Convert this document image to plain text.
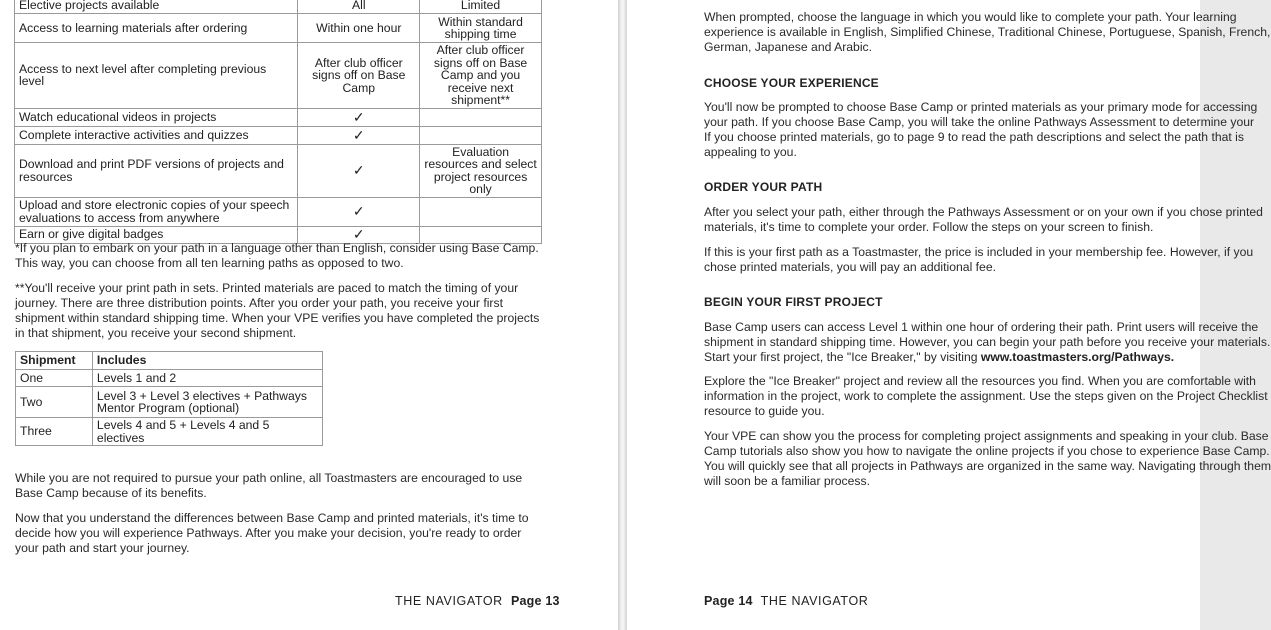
Elective projects available	All	Limited
Access to learning materials after ordering	Within one hour	Within standard shipping time
Access to next level after completing previous level	After club officer signs off on Base Camp	After club officer signs off on Base Camp and you receive next shipment**
Watch educational videos in projects	✓	
Complete interactive activities and quizzes	✓	
Download and print PDF versions of projects and resources	✓	Evaluation resources and select project resources only
Upload and store electronic copies of your speech evaluations to access from anywhere	✓	
Earn or give digital badges	✓	

*If you plan to embark on your path in a language other than English, consider using Base Camp. This way, you can choose from all ten learning paths as opposed to two.

**You'll receive your print path in sets. Printed materials are paced to match the timing of your journey. There are three distribution points. After you order your path, you receive your first shipment within standard shipping time. When your VPE verifies you have completed the projects in that shipment, you receive your second shipment.

Shipment	Includes
One	Levels 1 and 2
Two	Level 3 + Level 3 electives + Pathways Mentor Program (optional)
Three	Levels 4 and 5 + Levels 4 and 5 electives

While you are not required to pursue your path online, all Toastmasters are encouraged to use Base Camp because of its benefits.

Now that you understand the differences between Base Camp and printed materials, it's time to decide how you will experience Pathways. After you make your decision, you're ready to order your path and start your journey.

THE NAVIGATOR Page 13

When prompted, choose the language in which you would like to complete your path. Your learning
experience is available in English, Simplified Chinese, Traditional Chinese, Portuguese, Spanish, French,
German, Japanese and Arabic.

CHOOSE YOUR EXPERIENCE

You'll now be prompted to choose Base Camp or printed materials as your primary mode for accessing
your path. If you choose Base Camp, you will take the online Pathways Assessment to determine your
If you choose printed materials, go to page 9 to read the path descriptions and select the path that is
appealing to you.

ORDER YOUR PATH

After you select your path, either through the Pathways Assessment or on your own if you chose printed
materials, it's time to complete your order. Follow the steps on your screen to finish.

If this is your first path as a Toastmaster, the price is included in your membership fee. However, if you
chose printed materials, you will pay an additional fee.

BEGIN YOUR FIRST PROJECT

Base Camp users can access Level 1 within one hour of ordering their path. Print users will receive the
shipment in standard shipping time. However, you can begin your path before you receive your materials.
Start your first project, the "Ice Breaker," by visiting www.toastmasters.org/Pathways.

Explore the "Ice Breaker" project and review all the resources you find. When you are comfortable with
information in the project, work to complete the assignment. Use the steps given on the Project Checklist
resource to guide you.

Your VPE can show you the process for completing project assignments and speaking in your club. Base
Camp tutorials also show you how to navigate the online projects if you chose to experience Base Camp.
You will quickly see that all projects in Pathways are organized in the same way. Navigating through them
will soon be a familiar process.

Page 14 THE NAVIGATOR
